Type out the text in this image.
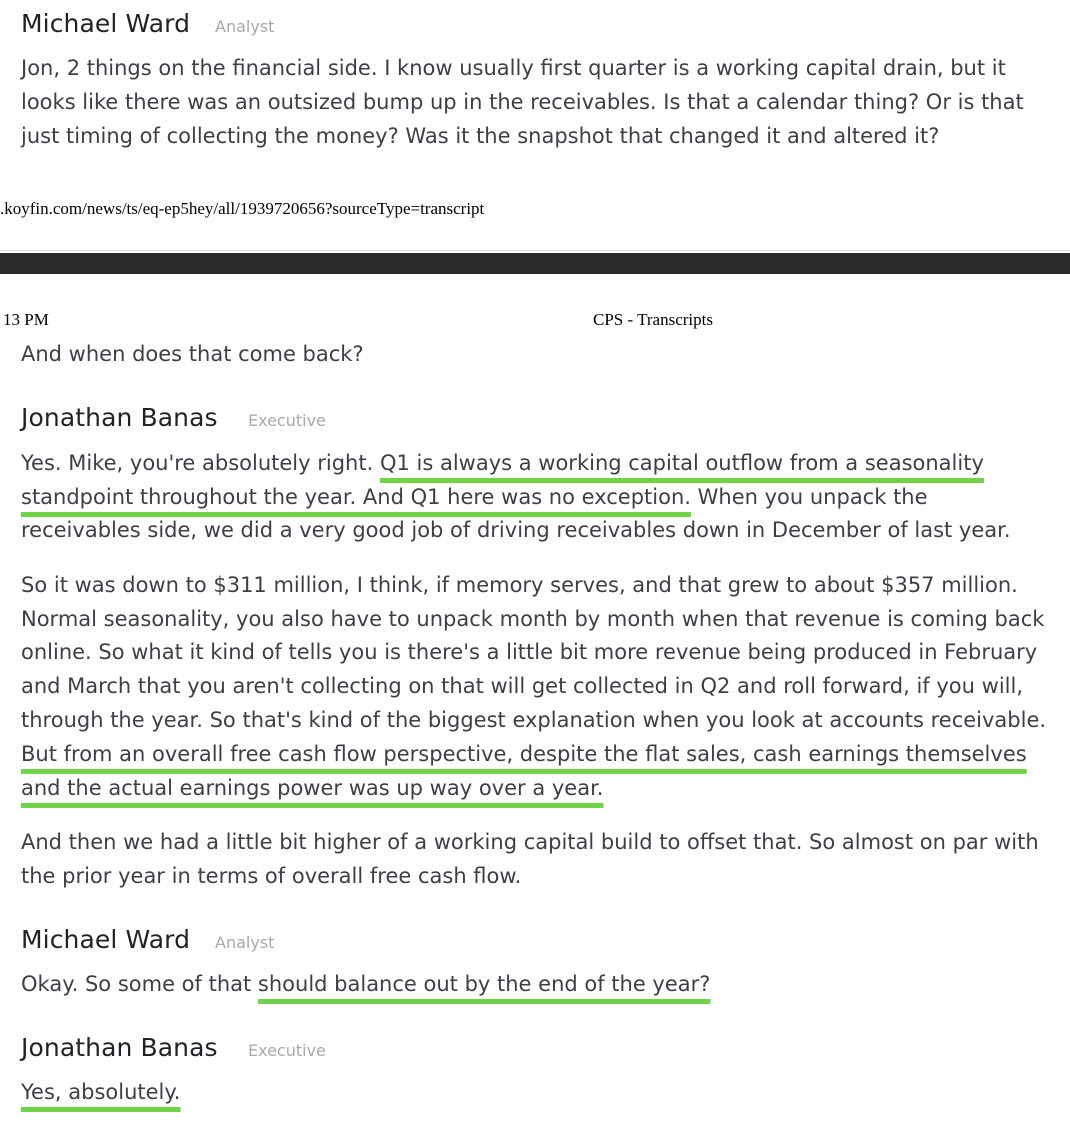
Michael Ward Analyst
Jon, 2 things on the financial side. I know usually first quarter is a working capital drain, but it
looks like there was an outsized bump up in the receivables. Is that a calendar thing? Or is that
just timing of collecting the money? Was it the snapshot that changed it and altered it?
.koyfin.com/news/ts/eq-ep5hey/all/1939720656?sourceType=transcript
13 PM	CPS - Transcripts
And when does that come back?
Jonathan Banas Executive
Yes. Mike, you're absolutely right. Q1 is always a working capital outflow from a seasonality
standpoint throughout the year. And Q1 here was no exception. When you unpack the
receivables side, we did a very good job of driving receivables down in December of last year.
So it was down to $311 million, I think, if memory serves, and that grew to about $357 million.
Normal seasonality, you also have to unpack month by month when that revenue is coming back
online. So what it kind of tells you is there's a little bit more revenue being produced in February
and March that you aren't collecting on that will get collected in Q2 and roll forward, if you will,
through the year. So that's kind of the biggest explanation when you look at accounts receivable.
But from an overall free cash flow perspective, despite the flat sales, cash earnings themselves
and the actual earnings power was up way over a year.
And then we had a little bit higher of a working capital build to offset that. So almost on par with
the prior year in terms of overall free cash flow.
Michael Ward Analyst
Okay. So some of that should balance out by the end of the year?
Jonathan Banas Executive
Yes, absolutely.
